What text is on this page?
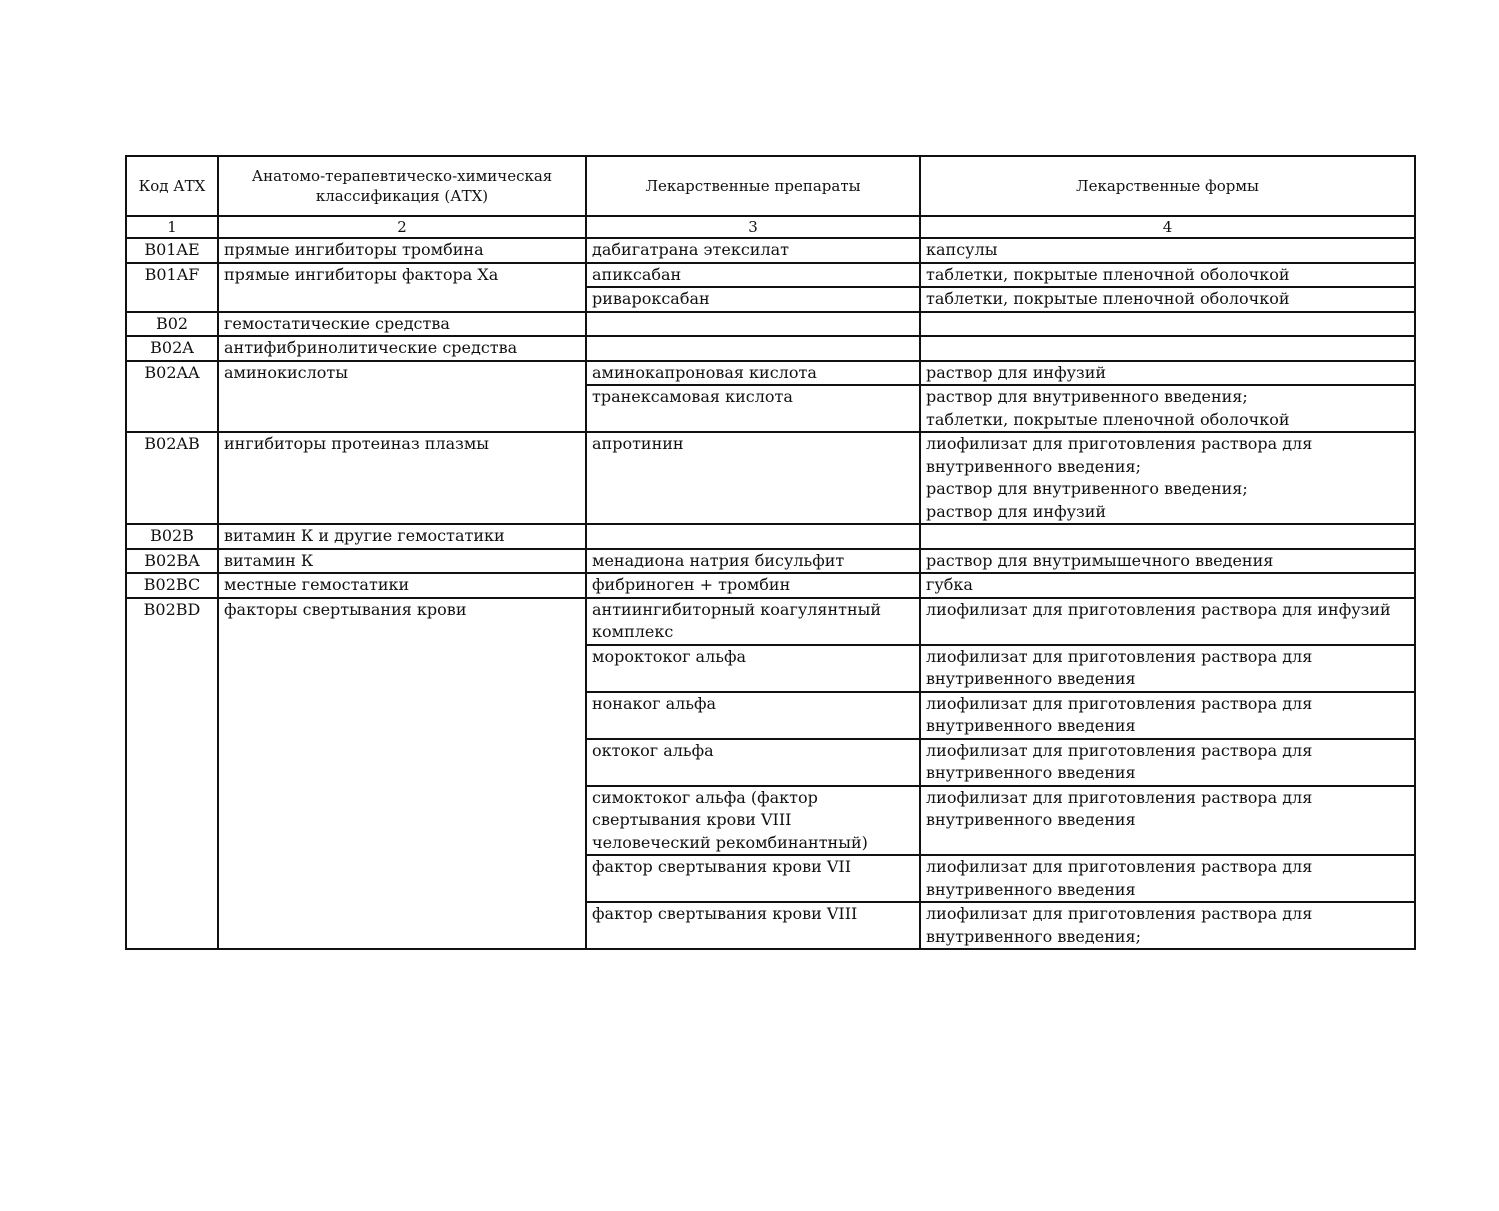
Код АТХ	Анатомо-терапевтическо-химическая классификация (АТХ)	Лекарственные препараты	Лекарственные формы
1	2	3	4
B01AE	прямые ингибиторы тромбина	дабигатрана этексилат	капсулы

B01AF	прямые ингибиторы фактора Xa	апиксабан	таблетки, покрытые пленочной оболочкой

		ривароксабан	таблетки, покрытые пленочной оболочкой

B02	гемостатические средства		

B02A	антифибринолитические средства		

B02AA	аминокислоты	аминокапроновая кислота	раствор для инфузий

		транексамовая кислота	раствор для внутривенного введения;
таблетки, покрытые пленочной оболочкой

B02AB	ингибиторы протеиназ плазмы	апротинин	лиофилизат для приготовления раствора для внутривенного введения;
раствор для внутривенного введения;
раствор для инфузий

B02B	витамин К и другие гемостатики		

B02BA	витамин К	менадиона натрия бисульфит	раствор для внутримышечного введения

B02BC	местные гемостатики	фибриноген + тромбин	губка

B02BD	факторы свертывания крови	антиингибиторный коагулянтный комплекс	лиофилизат для приготовления раствора для инфузий

		мороктоког альфа	лиофилизат для приготовления раствора для внутривенного введения

		нонаког альфа	лиофилизат для приготовления раствора для внутривенного введения

		октоког альфа	лиофилизат для приготовления раствора для внутривенного введения

		симоктоког альфа (фактор свертывания крови VIII человеческий рекомбинантный)	лиофилизат для приготовления раствора для внутривенного введения

		фактор свертывания крови VII	лиофилизат для приготовления раствора для внутривенного введения

		фактор свертывания крови VIII	лиофилизат для приготовления раствора для внутривенного введения;
